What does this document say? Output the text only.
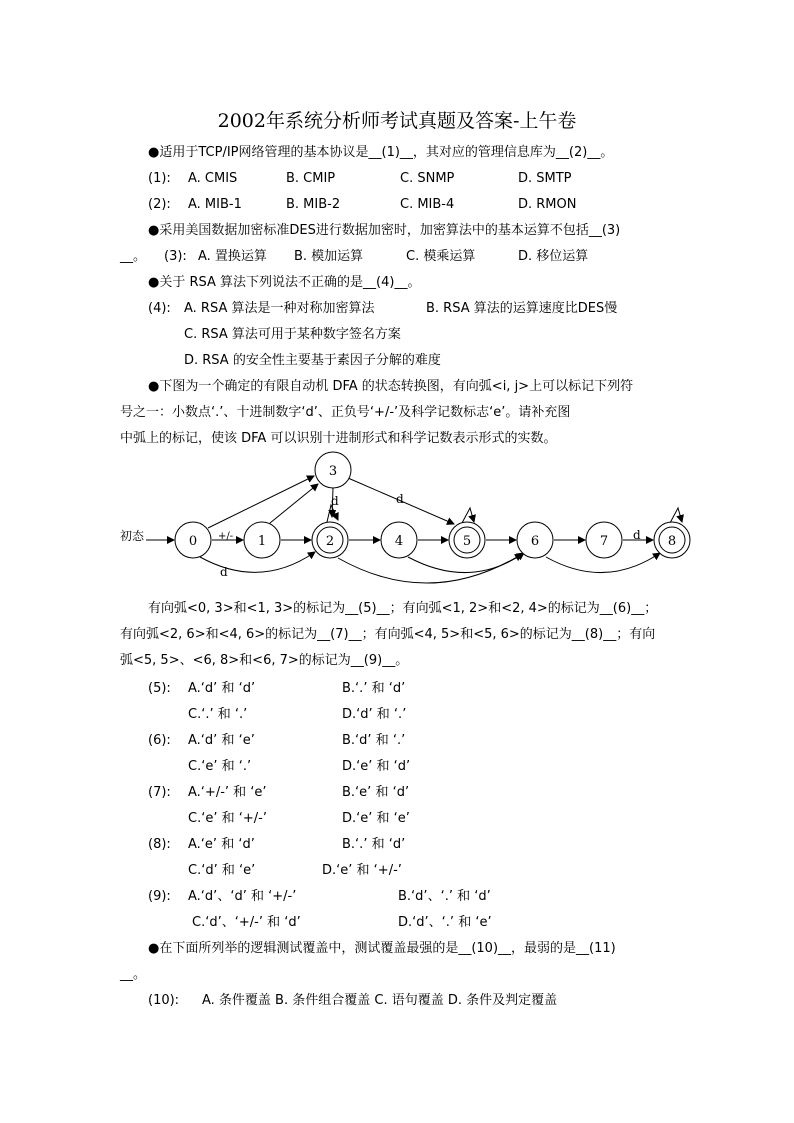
2002年系统分析师考试真题及答案-上午卷
●适用于TCP/IP网络管理的基本协议是__(1)__，其对应的管理信息库为__(2)__。
(1): A. CMIS	B. CMIP	C. SNMP	D. SMTP
(2): A. MIB-1	B. MIB-2	C. MIB-4	D. RMON
●采用美国数据加密标准DES进行数据加密时，加密算法中的基本运算不包括__(3)
__。 (3): A. 置换运算 B. 模加运算	C. 模乘运算	D. 移位运算
●关于 RSA 算法下列说法不正确的是__(4)__。
(4): A. RSA 算法是一种对称加密算法	B. RSA 算法的运算速度比DES慢
C. RSA 算法可用于某种数字签名方案
D. RSA 的安全性主要基于素因子分解的难度
●下图为一个确定的有限自动机 DFA 的状态转换图，有向弧<i, j>上可以标记下列符
号之一：小数点‘.’、十进制数字‘d’、正负号‘+/-’及科学记数标志‘e’。请补充图
中弧上的标记，使该 DFA 可以识别十进制形式和科学记数表示形式的实数。
0	1	2
3
4	5	6	7	8
初态	+/-
d
d
d
d
有向弧<0, 3>和<1, 3>的标记为__(5)__；有向弧<1, 2>和<2, 4>的标记为__(6)__；
有向弧<2, 6>和<4, 6>的标记为__(7)__；有向弧<4, 5>和<5, 6>的标记为__(8)__；有向
弧<5, 5>、<6, 8>和<6, 7>的标记为__(9)__。
(5): A.‘d’ 和 ‘d’	B.‘.’ 和 ‘d’
C.‘.’ 和 ‘.’	D.‘d’ 和 ‘.’
(6): A.‘d’ 和 ‘e’	B.‘d’ 和 ‘.’
C.‘e’ 和 ‘.’	D.‘e’ 和 ‘d’
(7): A.‘+/-’ 和 ‘e’	B.‘e’ 和 ‘d’
C.‘e’ 和 ‘+/-’	D.‘e’ 和 ‘e’
(8): A.‘e’ 和 ‘d’	B.‘.’ 和 ‘d’
C.‘d’ 和 ‘e’	D.‘e’ 和 ‘+/-’
(9): A.‘d’、‘d’ 和 ‘+/-’	B.‘d’、‘.’ 和 ‘d’
C.‘d’、‘+/-’ 和 ‘d’	D.‘d’、‘.’ 和 ‘e’
●在下面所列举的逻辑测试覆盖中，测试覆盖最强的是__(10)__，最弱的是__(11)
__。
(10): A. 条件覆盖 B. 条件组合覆盖 C. 语句覆盖 D. 条件及判定覆盖
